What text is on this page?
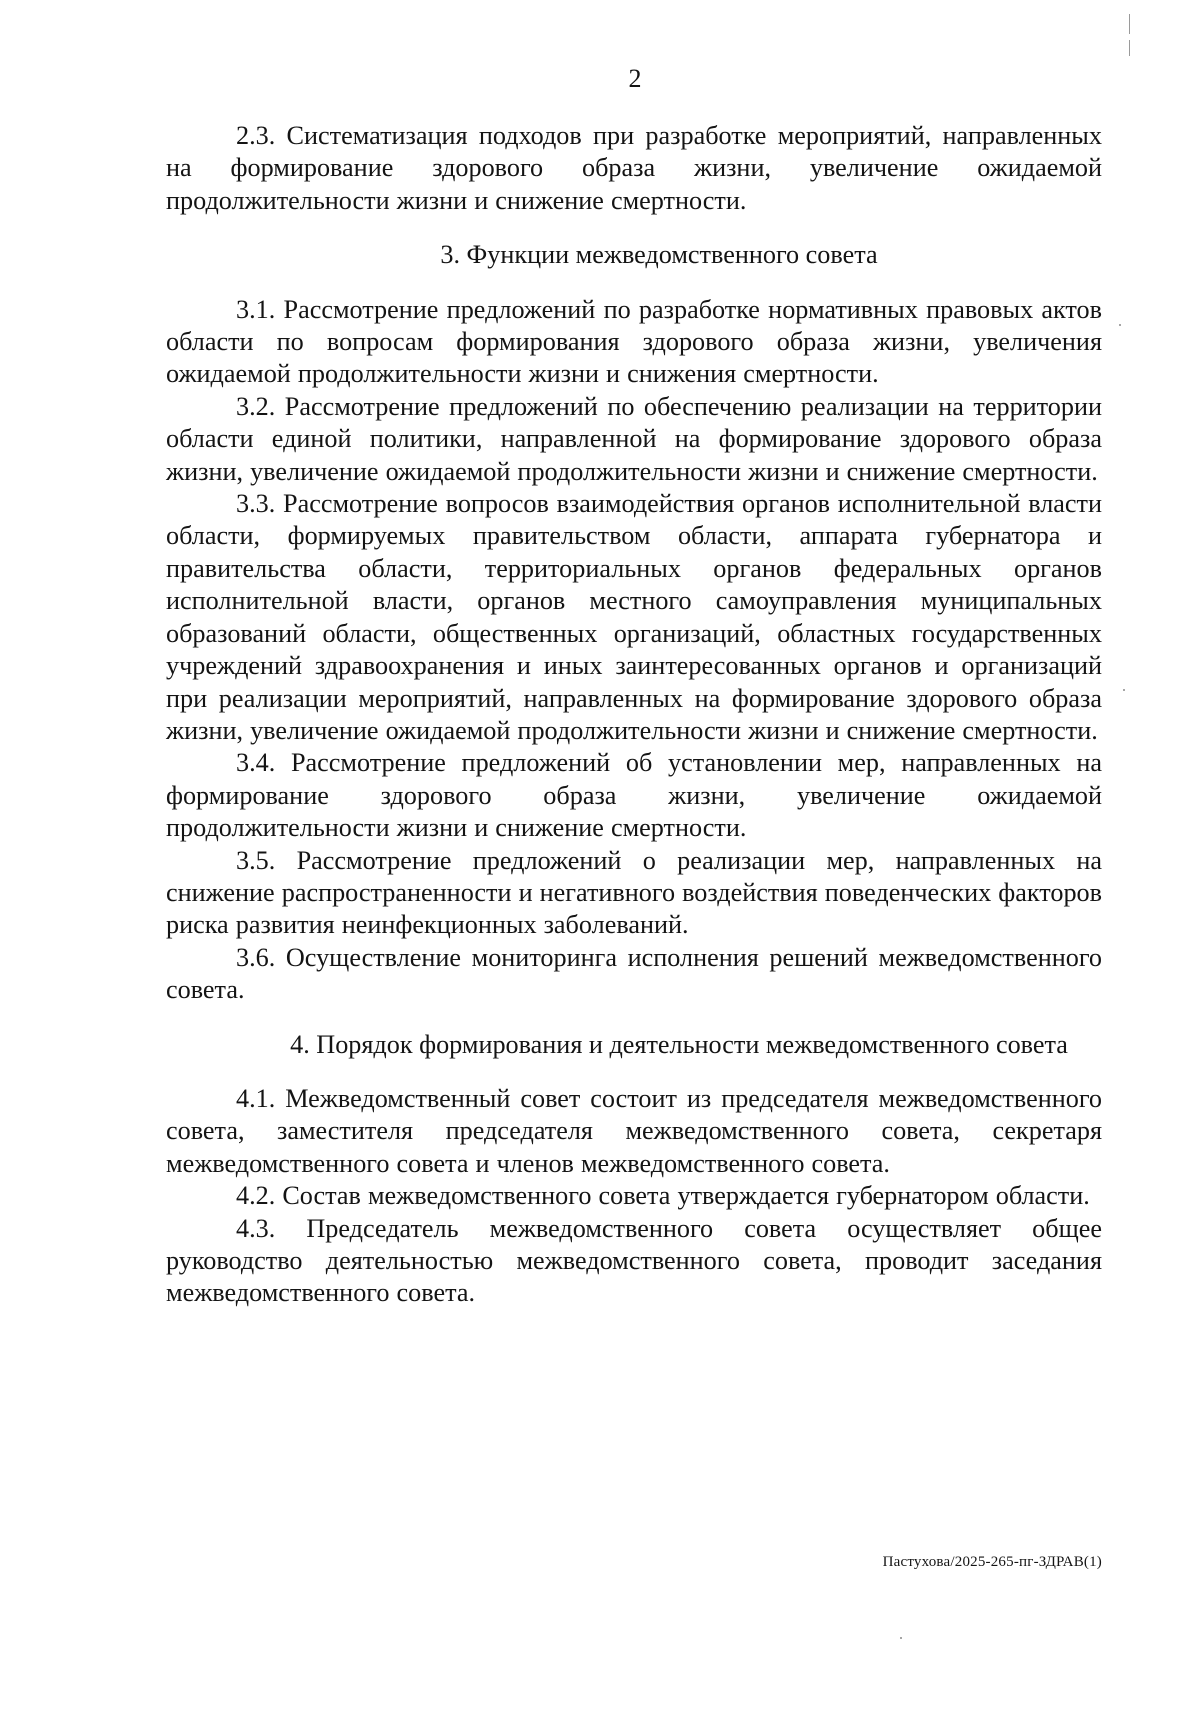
2

2.3. Систематизация подходов при разработке мероприятий, направленных на формирование здорового образа жизни, увеличение ожидаемой продолжительности жизни и снижение смертности.

3. Функции межведомственного совета

3.1. Рассмотрение предложений по разработке нормативных правовых актов области по вопросам формирования здорового образа жизни, увеличения ожидаемой продолжительности жизни и снижения смертности.

3.2. Рассмотрение предложений по обеспечению реализации на территории области единой политики, направленной на формирование здорового образа жизни, увеличение ожидаемой продолжительности жизни и снижение смертности.

3.3. Рассмотрение вопросов взаимодействия органов исполнительной власти области, формируемых правительством области, аппарата губернатора и правительства области, территориальных органов федеральных органов исполнительной власти, органов местного самоуправления муниципальных образований области, общественных организаций, областных государственных учреждений здравоохранения и иных заинтересованных органов и организаций при реализации мероприятий, направленных на формирование здорового образа жизни, увеличение ожидаемой продолжительности жизни и снижение смертности.

3.4. Рассмотрение предложений об установлении мер, направленных на формирование здорового образа жизни, увеличение ожидаемой продолжительности жизни и снижение смертности.

3.5. Рассмотрение предложений о реализации мер, направленных на снижение распространенности и негативного воздействия поведенческих факторов риска развития неинфекционных заболеваний.

3.6. Осуществление мониторинга исполнения решений межведомственного совета.

4. Порядок формирования и деятельности межведомственного совета

4.1. Межведомственный совет состоит из председателя межведомственного совета, заместителя председателя межведомственного совета, секретаря межведомственного совета и членов межведомственного совета.

4.2. Состав межведомственного совета утверждается губернатором области.

4.3. Председатель межведомственного совета осуществляет общее руководство деятельностью межведомственного совета, проводит заседания межведомственного совета.

Пастухова/2025-265-пг-ЗДРАВ(1)
